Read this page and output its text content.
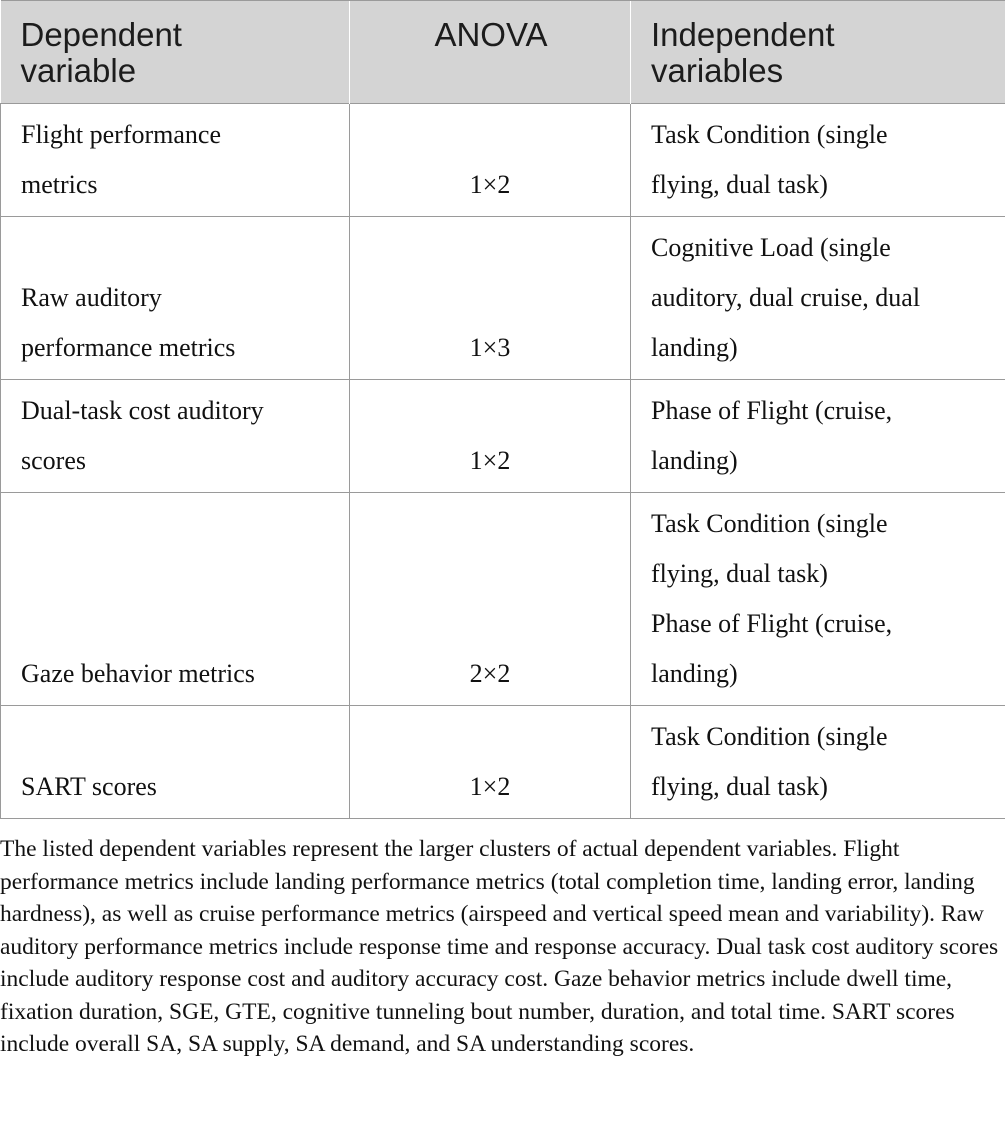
Dependent
variable	ANOVA	Independent
variables
Flight performance
metrics	1×2	Task Condition (single
flying, dual task)

Raw auditory
performance metrics	1×3	Cognitive Load (single
auditory, dual cruise, dual
landing)

Dual-task cost auditory
scores	1×2	Phase of Flight (cruise,
landing)

Gaze behavior metrics	2×2	Task Condition (single
flying, dual task)
Phase of Flight (cruise,
landing)

SART scores	1×2	Task Condition (single
flying, dual task)

The listed dependent variables represent the larger clusters of actual dependent variables. Flight performance metrics include landing performance metrics (total completion time, landing error, landing hardness), as well as cruise performance metrics (airspeed and vertical speed mean and variability). Raw auditory performance metrics include response time and response accuracy. Dual task cost auditory scores include auditory response cost and auditory accuracy cost. Gaze behavior metrics include dwell time, fixation duration, SGE, GTE, cognitive tunneling bout number, duration, and total time. SART scores include overall SA, SA supply, SA demand, and SA understanding scores.
